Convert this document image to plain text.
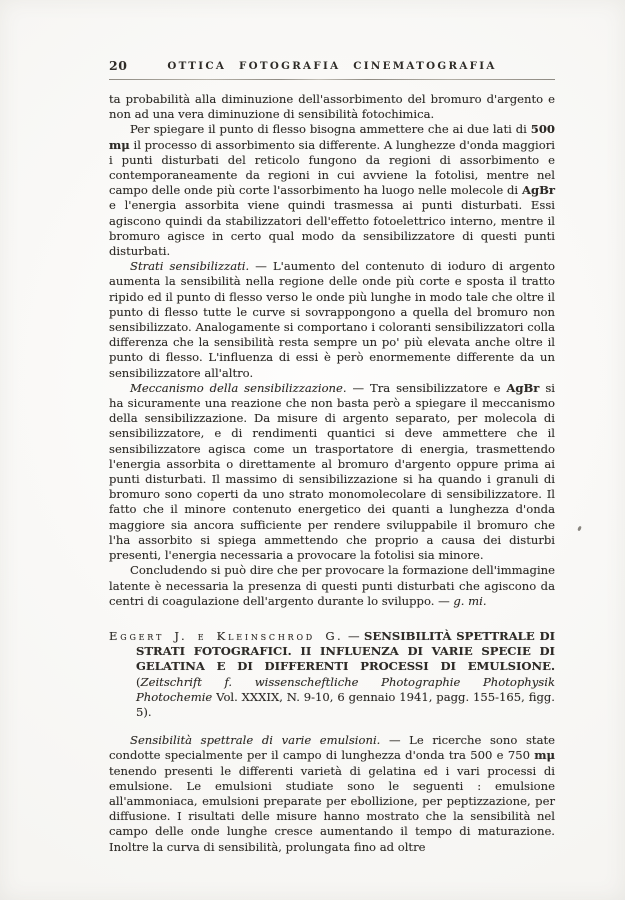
20	OTTICA FOTOGRAFIA CINEMATOGRAFIA

ta probabilità alla diminuzione dell'assorbimento del bromuro d'argento e non ad una vera diminuzione di sensibilità fotochimica.

Per spiegare il punto di flesso bisogna ammettere che ai due lati di 500 mμ il processo di assorbimento sia differente. A lunghezze d'onda maggiori i punti disturbati del reticolo fungono da regioni di assorbimento e contemporaneamente da regioni in cui avviene la fotolisi, mentre nel campo delle onde più corte l'assorbimento ha luogo nelle molecole di AgBr e l'energia assorbita viene quindi trasmessa ai punti disturbati. Essi agiscono quindi da stabilizzatori dell'effetto fotoelettrico interno, mentre il bromuro agisce in certo qual modo da sensibilizzatore di questi punti disturbati.

Strati sensibilizzati. — L'aumento del contenuto di ioduro di argento aumenta la sensibilità nella regione delle onde più corte e sposta il tratto ripido ed il punto di flesso verso le onde più lunghe in modo tale che oltre il punto di flesso tutte le curve si sovrappongono a quella del bromuro non sensibilizzato. Analogamente si comportano i coloranti sensibilizzatori colla differenza che la sensibilità resta sempre un po' più elevata anche oltre il punto di flesso. L'influenza di essi è però enormemente differente da un sensibilizzatore all'altro.

Meccanismo della sensibilizzazione. — Tra sensibilizzatore e AgBr si ha sicuramente una reazione che non basta però a spiegare il meccanismo della sensibilizzazione. Da misure di argento separato, per molecola di sensibilizzatore, e di rendimenti quantici si deve ammettere che il sensibilizzatore agisca come un trasportatore di energia, trasmettendo l'energia assorbita o direttamente al bromuro d'argento oppure prima ai punti disturbati. Il massimo di sensibilizzazione si ha quando i granuli di bromuro sono coperti da uno strato monomolecolare di sensibilizzatore. Il fatto che il minore contenuto energetico dei quanti a lunghezza d'onda maggiore sia ancora sufficiente per rendere sviluppabile il bromuro che l'ha assorbito si spiega ammettendo che proprio a causa dei disturbi presenti, l'energia necessaria a provocare la fotolisi sia minore.

Concludendo si può dire che per provocare la formazione dell'immagine latente è necessaria la presenza di questi punti disturbati che agiscono da centri di coagulazione dell'argento durante lo sviluppo. — g. mi.

Eggert J. e Kleinschrod G. — SENSIBILITÀ SPETTRALE DI STRATI FOTOGRAFICI. II INFLUENZA DI VARIE SPECIE DI GELATINA E DI DIFFERENTI PROCESSI DI EMULSIONE. (Zeitschrift f. wissenscheftliche Photographie Photophysik Photochemie Vol. XXXIX, N. 9-10, 6 gennaio 1941, pagg. 155-165, figg. 5).

Sensibilità spettrale di varie emulsioni. — Le ricerche sono state condotte specialmente per il campo di lunghezza d'onda tra 500 e 750 mμ tenendo presenti le differenti varietà di gelatina ed i vari processi di emulsione. Le emulsioni studiate sono le seguenti : emulsione all'ammoniaca, emulsioni preparate per ebollizione, per peptizzazione, per diffusione. I risultati delle misure hanno mostrato che la sensibilità nel campo delle onde lunghe cresce aumentando il tempo di maturazione. Inoltre la curva di sensibilità, prolungata fino ad oltre
